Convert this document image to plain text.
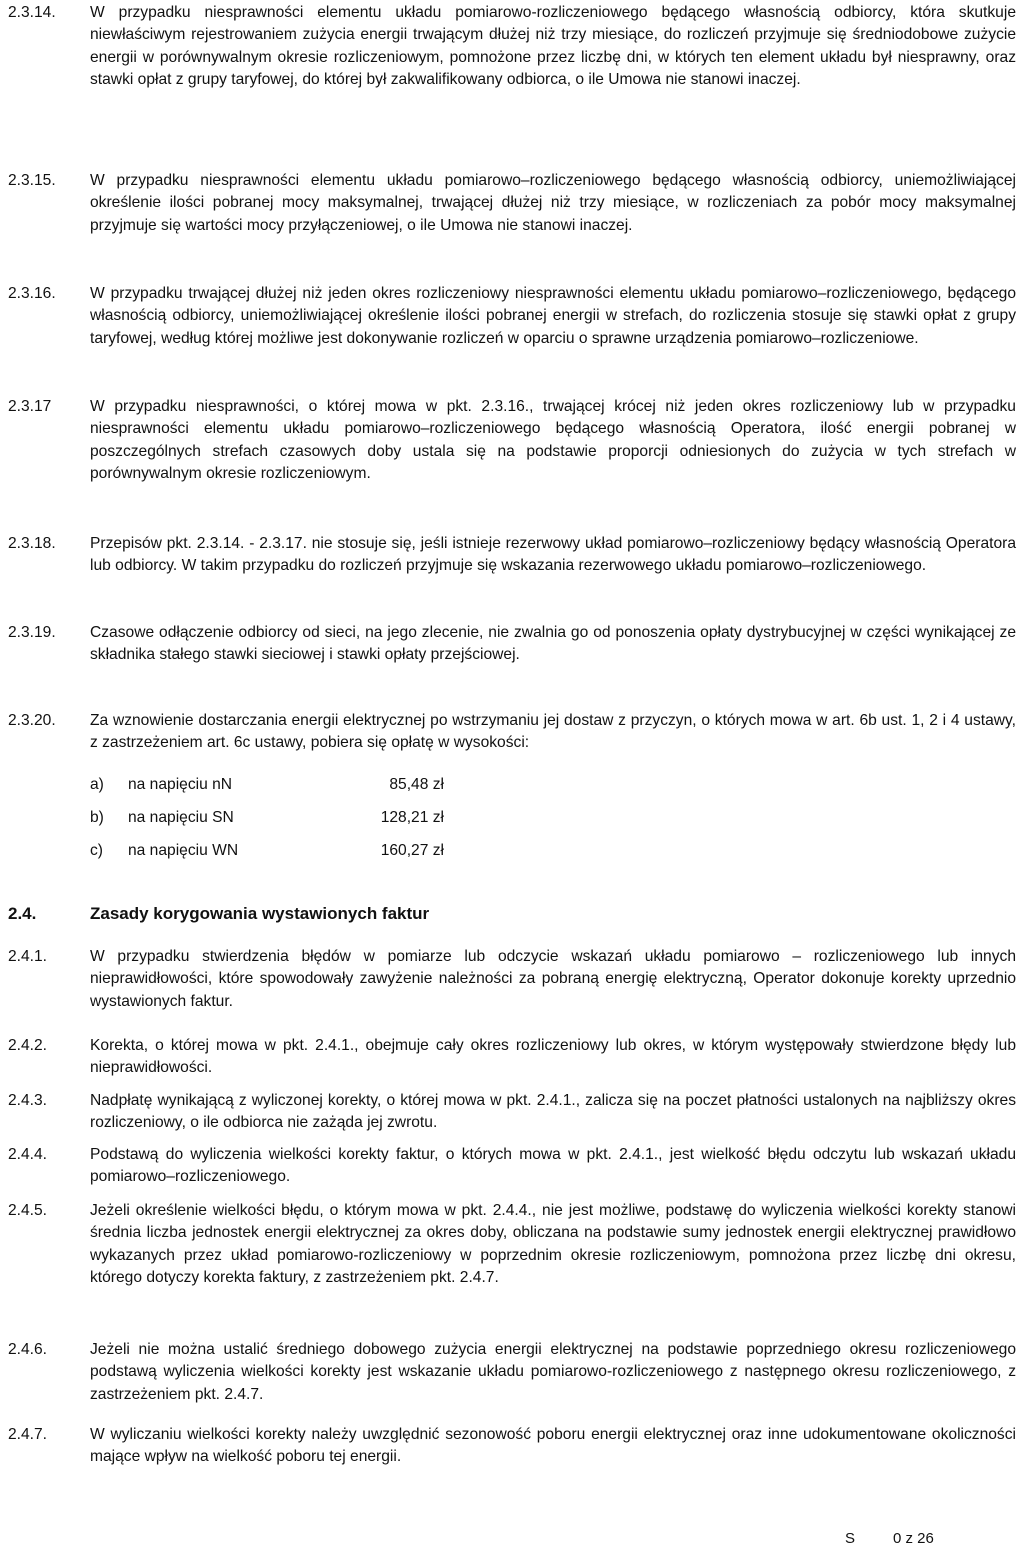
2.3.14.	W przypadku niesprawności elementu układu pomiarowo-rozliczeniowego będącego własnością odbiorcy, która skutkuje niewłaściwym rejestrowaniem zużycia energii trwającym dłużej niż trzy miesiące, do rozliczeń przyjmuje się średniodobowe zużycie energii w porównywalnym okresie rozliczeniowym, pomnożone przez liczbę dni, w których ten element układu był niesprawny, oraz stawki opłat z grupy taryfowej, do której był zakwalifikowany odbiorca, o ile Umowa nie stanowi inaczej.
2.3.15.	W przypadku niesprawności elementu układu pomiarowo–rozliczeniowego będącego własnością odbiorcy, uniemożliwiającej określenie ilości pobranej mocy maksymalnej, trwającej dłużej niż trzy miesiące, w rozliczeniach za pobór mocy maksymalnej przyjmuje się wartości mocy przyłączeniowej, o ile Umowa nie stanowi inaczej.
2.3.16.	W przypadku trwającej dłużej niż jeden okres rozliczeniowy niesprawności elementu układu pomiarowo–rozliczeniowego, będącego własnością odbiorcy, uniemożliwiającej określenie ilości pobranej energii w strefach, do rozliczenia stosuje się stawki opłat z grupy taryfowej, według której możliwe jest dokonywanie rozliczeń w oparciu o sprawne urządzenia pomiarowo–rozliczeniowe.
2.3.17	W przypadku niesprawności, o której mowa w pkt. 2.3.16., trwającej krócej niż jeden okres rozliczeniowy lub w przypadku niesprawności elementu układu pomiarowo–rozliczeniowego będącego własnością Operatora, ilość energii pobranej w poszczególnych strefach czasowych doby ustala się na podstawie proporcji odniesionych do zużycia w tych strefach w porównywalnym okresie rozliczeniowym.
2.3.18.	Przepisów pkt. 2.3.14. - 2.3.17. nie stosuje się, jeśli istnieje rezerwowy układ pomiarowo–rozliczeniowy będący własnością Operatora lub odbiorcy. W takim przypadku do rozliczeń przyjmuje się wskazania rezerwowego układu pomiarowo–rozliczeniowego.
2.3.19.	Czasowe odłączenie odbiorcy od sieci, na jego zlecenie, nie zwalnia go od ponoszenia opłaty dystrybucyjnej w części wynikającej ze składnika stałego stawki sieciowej i stawki opłaty przejściowej.
2.3.20.	Za wznowienie dostarczania energii elektrycznej po wstrzymaniu jej dostaw z przyczyn, o których mowa w art. 6b ust. 1, 2 i 4 ustawy, z zastrzeżeniem art. 6c ustawy, pobiera się opłatę w wysokości:
a) na napięciu nN	85,48 zł
b) na napięciu SN	128,21 zł
c) na napięciu WN	160,27 zł
2.4.	Zasady korygowania wystawionych faktur
2.4.1.	W przypadku stwierdzenia błędów w pomiarze lub odczycie wskazań układu pomiarowo – rozliczeniowego lub innych nieprawidłowości, które spowodowały zawyżenie należności za pobraną energię elektryczną, Operator dokonuje korekty uprzednio wystawionych faktur.
2.4.2.	Korekta, o której mowa w pkt. 2.4.1., obejmuje cały okres rozliczeniowy lub okres, w którym występowały stwierdzone błędy lub nieprawidłowości.
2.4.3.	Nadpłatę wynikającą z wyliczonej korekty, o której mowa w pkt. 2.4.1., zalicza się na poczet płatności ustalonych na najbliższy okres rozliczeniowy, o ile odbiorca nie zażąda jej zwrotu.
2.4.4.	Podstawą do wyliczenia wielkości korekty faktur, o których mowa w pkt. 2.4.1., jest wielkość błędu odczytu lub wskazań układu pomiarowo–rozliczeniowego.
2.4.5.	Jeżeli określenie wielkości błędu, o którym mowa w pkt. 2.4.4., nie jest możliwe, podstawę do wyliczenia wielkości korekty stanowi średnia liczba jednostek energii elektrycznej za okres doby, obliczana na podstawie sumy jednostek energii elektrycznej prawidłowo wykazanych przez układ pomiarowo-rozliczeniowy w poprzednim okresie rozliczeniowym, pomnożona przez liczbę dni okresu, którego dotyczy korekta faktury, z zastrzeżeniem pkt. 2.4.7.
2.4.6.	Jeżeli nie można ustalić średniego dobowego zużycia energii elektrycznej na podstawie poprzedniego okresu rozliczeniowego podstawą wyliczenia wielkości korekty jest wskazanie układu pomiarowo-rozliczeniowego z następnego okresu rozliczeniowego, z zastrzeżeniem pkt. 2.4.7.
2.4.7.	W wyliczaniu wielkości korekty należy uwzględnić sezonowość poboru energii elektrycznej oraz inne udokumentowane okoliczności mające wpływ na wielkość poboru tej energii.
S	0 z 26
